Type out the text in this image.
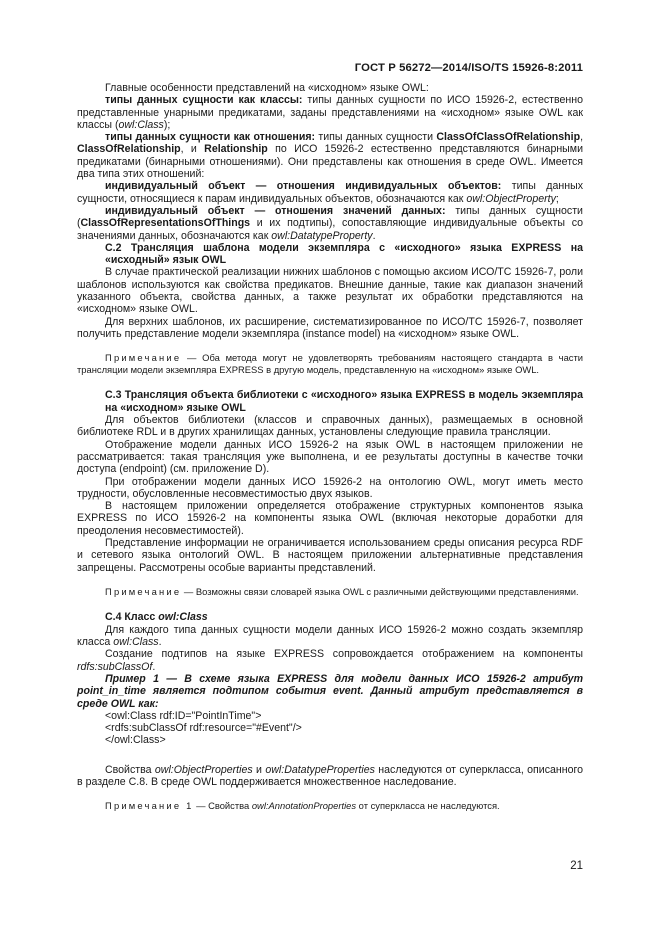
ГОСТ Р 56272—2014/ISO/TS 15926-8:2011

Главные особенности представлений на «исходном» языке OWL:

типы данных сущности как классы: типы данных сущности по ИСО 15926-2, естественно представленные унарными предикатами, заданы представлениями на «исходном» языке OWL как классы (owl:Class);

типы данных сущности как отношения: типы данных сущности ClassOfClassOfRelationship, ClassOfRelationship, и Relationship по ИСО 15926-2 естественно представляются бинарными предикатами (бинарными отношениями). Они представлены как отношения в среде OWL. Имеется два типа этих отношений:

индивидуальный объект — отношения индивидуальных объектов: типы данных сущности, относящиеся к парам индивидуальных объектов, обозначаются как owl:ObjectProperty;

индивидуальный объект — отношения значений данных: типы данных сущности (ClassOfRepresentationsOfThings и их подтипы), сопоставляющие индивидуальные объекты со значениями данных, обозначаются как owl:DatatypeProperty.

С.2 Трансляция шаблона модели экземпляра с «исходного» языка EXPRESS на «исходный» язык OWL

В случае практической реализации нижних шаблонов с помощью аксиом ИСО/TC 15926-7, роли шаблонов используются как свойства предикатов. Внешние данные, такие как диапазон значений указанного объекта, свойства данных, а также результат их обработки представляются на «исходном» языке OWL.

Для верхних шаблонов, их расширение, систематизированное по ИСО/TC 15926-7, позволяет получить представление модели экземпляра (instance model) на «исходном» языке OWL.

Примечание — Оба метода могут не удовлетворять требованиям настоящего стандарта в части трансляции модели экземпляра EXPRESS в другую модель, представленную на «исходном» языке OWL.

С.3 Трансляция объекта библиотеки с «исходного» языка EXPRESS в модель экземпляра на «исходном» языке OWL

Для объектов библиотеки (классов и справочных данных), размещаемых в основной библиотеке RDL и в других хранилищах данных, установлены следующие правила трансляции.

Отображение модели данных ИСО 15926-2 на язык OWL в настоящем приложении не рассматривается: такая трансляция уже выполнена, и ее результаты доступны в качестве точки доступа (endpoint) (см. приложение D).

При отображении модели данных ИСО 15926-2 на онтологию OWL, могут иметь место трудности, обусловленные несовместимостью двух языков.

В настоящем приложении определяется отображение структурных компонентов языка EXPRESS по ИСО 15926-2 на компоненты языка OWL (включая некоторые доработки для преодоления несовместимостей).

Представление информации не ограничивается использованием среды описания ресурса RDF и сетевого языка онтологий OWL. В настоящем приложении альтернативные представления запрещены. Рассмотрены особые варианты представлений.

Примечание — Возможны связи словарей языка OWL с различными действующими представлениями.

С.4 Класс owl:Class

Для каждого типа данных сущности модели данных ИСО 15926-2 можно создать экземпляр класса owl:Class.

Создание подтипов на языке EXPRESS сопровождается отображением на компоненты rdfs:subClassOf.

Пример 1 — В схеме языка EXPRESS для модели данных ИСО 15926-2 атрибут point_in_time является подтипом события event. Данный атрибут представляется в среде OWL как:

<owl:Class rdf:ID="PointInTime">

<rdfs:subClassOf rdf:resource="#Event"/>

</owl:Class>

Свойства owl:ObjectProperties и owl:DatatypeProperties наследуются от суперкласса, описанного в разделе С.8. В среде OWL поддерживается множественное наследование.

Примечание 1 — Свойства owl:AnnotationProperties от суперкласса не наследуются.

21
